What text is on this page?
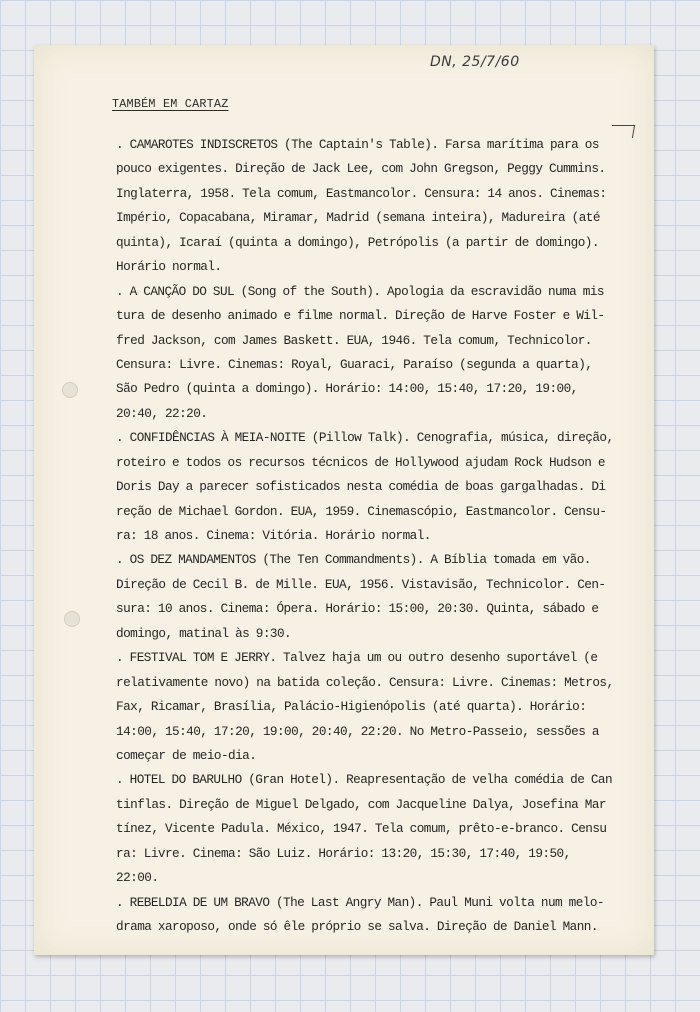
DN, 25/7/60
TAMBÉM EM CARTAZ
. CAMAROTES INDISCRETOS (The Captain's Table). Farsa marítima para os
pouco exigentes. Direção de Jack Lee, com John Gregson, Peggy Cummins.
Inglaterra, 1958. Tela comum, Eastmancolor. Censura: 14 anos. Cinemas:
Império, Copacabana, Miramar, Madrid (semana inteira), Madureira (até
quinta), Icaraí (quinta a domingo), Petrópolis (a partir de domingo).
Horário normal.
. A CANÇÃO DO SUL (Song of the South). Apologia da escravidão numa mis
tura de desenho animado e filme normal. Direção de Harve Foster e Wil-
fred Jackson, com James Baskett. EUA, 1946. Tela comum, Technicolor.
Censura: Livre. Cinemas: Royal, Guaraci, Paraíso (segunda a quarta),
São Pedro (quinta a domingo). Horário: 14:00, 15:40, 17:20, 19:00,
20:40, 22:20.
. CONFIDÊNCIAS À MEIA-NOITE (Pillow Talk). Cenografia, música, direção,
roteiro e todos os recursos técnicos de Hollywood ajudam Rock Hudson e
Doris Day a parecer sofisticados nesta comédia de boas gargalhadas. Di
reção de Michael Gordon. EUA, 1959. Cinemascópio, Eastmancolor. Censu-
ra: 18 anos. Cinema: Vitória. Horário normal.
. OS DEZ MANDAMENTOS (The Ten Commandments). A Bíblia tomada em vão.
Direção de Cecil B. de Mille. EUA, 1956. Vistavisão, Technicolor. Cen-
sura: 10 anos. Cinema: Ópera. Horário: 15:00, 20:30. Quinta, sábado e
domingo, matinal às 9:30.
. FESTIVAL TOM E JERRY. Talvez haja um ou outro desenho suportável (e
relativamente novo) na batida coleção. Censura: Livre. Cinemas: Metros,
Fax, Ricamar, Brasília, Palácio-Higienópolis (até quarta). Horário:
14:00, 15:40, 17:20, 19:00, 20:40, 22:20. No Metro-Passeio, sessões a
começar de meio-dia.
. HOTEL DO BARULHO (Gran Hotel). Reapresentação de velha comédia de Can
tinflas. Direção de Miguel Delgado, com Jacqueline Dalya, Josefina Mar
tínez, Vicente Padula. México, 1947. Tela comum, prêto-e-branco. Censu
ra: Livre. Cinema: São Luiz. Horário: 13:20, 15:30, 17:40, 19:50,
22:00.
. REBELDIA DE UM BRAVO (The Last Angry Man). Paul Muni volta num melo-
drama xaroposo, onde só êle próprio se salva. Direção de Daniel Mann.
